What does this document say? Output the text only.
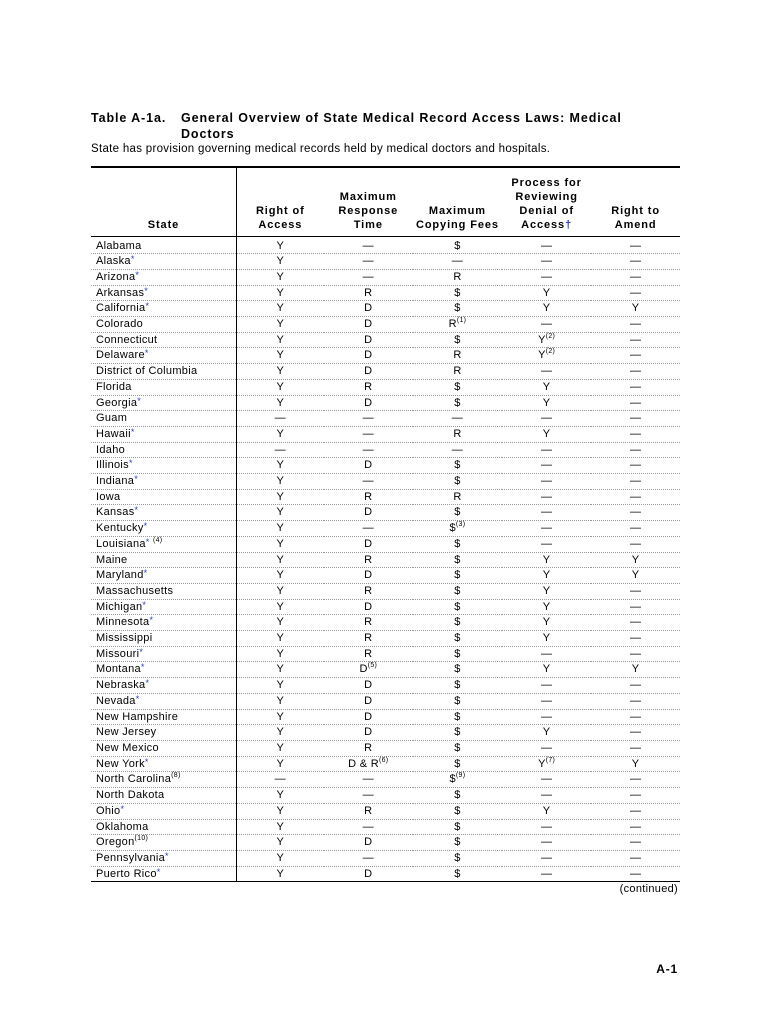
Table A-1a. General Overview of State Medical Record Access Laws: Medical
Doctors
State has provision governing medical records held by medical doctors and hospitals.
State	Right of Access	Maximum Response Time	Maximum Copying Fees	Process for Reviewing Denial of Access†	Right to Amend
Alabama	Y	—	$	—	—
Alaska*	Y	—	—	—	—
Arizona*	Y	—	R	—	—
Arkansas*	Y	R	$	Y	—
California*	Y	D	$	Y	Y
Colorado	Y	D	R$^{(1)}$	—	—
Connecticut	Y	D	$	Y$^{(2)}$	—
Delaware*	Y	D	R	Y$^{(2)}$	—
District of Columbia	Y	D	R	—	—
Florida	Y	R	$	Y	—
Georgia*	Y	D	$	Y	—
Guam	—	—	—	—	—
Hawaii*	Y	—	R	Y	—
Idaho	—	—	—	—	—
Illinois*	Y	D	$	—	—
Indiana*	Y	—	$	—	—
Iowa	Y	R	R	—	—
Kansas*	Y	D	$	—	—
Kentucky*	Y	—	\$$^{(3)}$	—	—
Louisiana* $^{(4)}$	Y	D	$	—	—
Maine	Y	R	$	Y	Y
Maryland*	Y	D	$	Y	Y
Massachusetts	Y	R	$	Y	—
Michigan*	Y	D	$	Y	—
Minnesota*	Y	R	$	Y	—
Mississippi	Y	R	$	Y	—
Missouri*	Y	R	$	—	—
Montana*	Y	D$^{(5)}$	$	Y	Y
Nebraska*	Y	D	$	—	—
Nevada*	Y	D	$	—	—
New Hampshire	Y	D	$	—	—
New Jersey	Y	D	$	Y	—
New Mexico	Y	R	$	—	—
New York*	Y	D & R$^{(6)}$	$	Y$^{(7)}$	Y
North Carolina$^{(8)}$	—	—	\$$^{(9)}$	—	—
North Dakota	Y	—	$	—	—
Ohio*	Y	R	$	Y	—
Oklahoma	Y	—	$	—	—
Oregon$^{(10)}$	Y	D	$	—	—
Pennsylvania*	Y	—	$	—	—
Puerto Rico*	Y	D	$	—	—
(continued)
A-1
